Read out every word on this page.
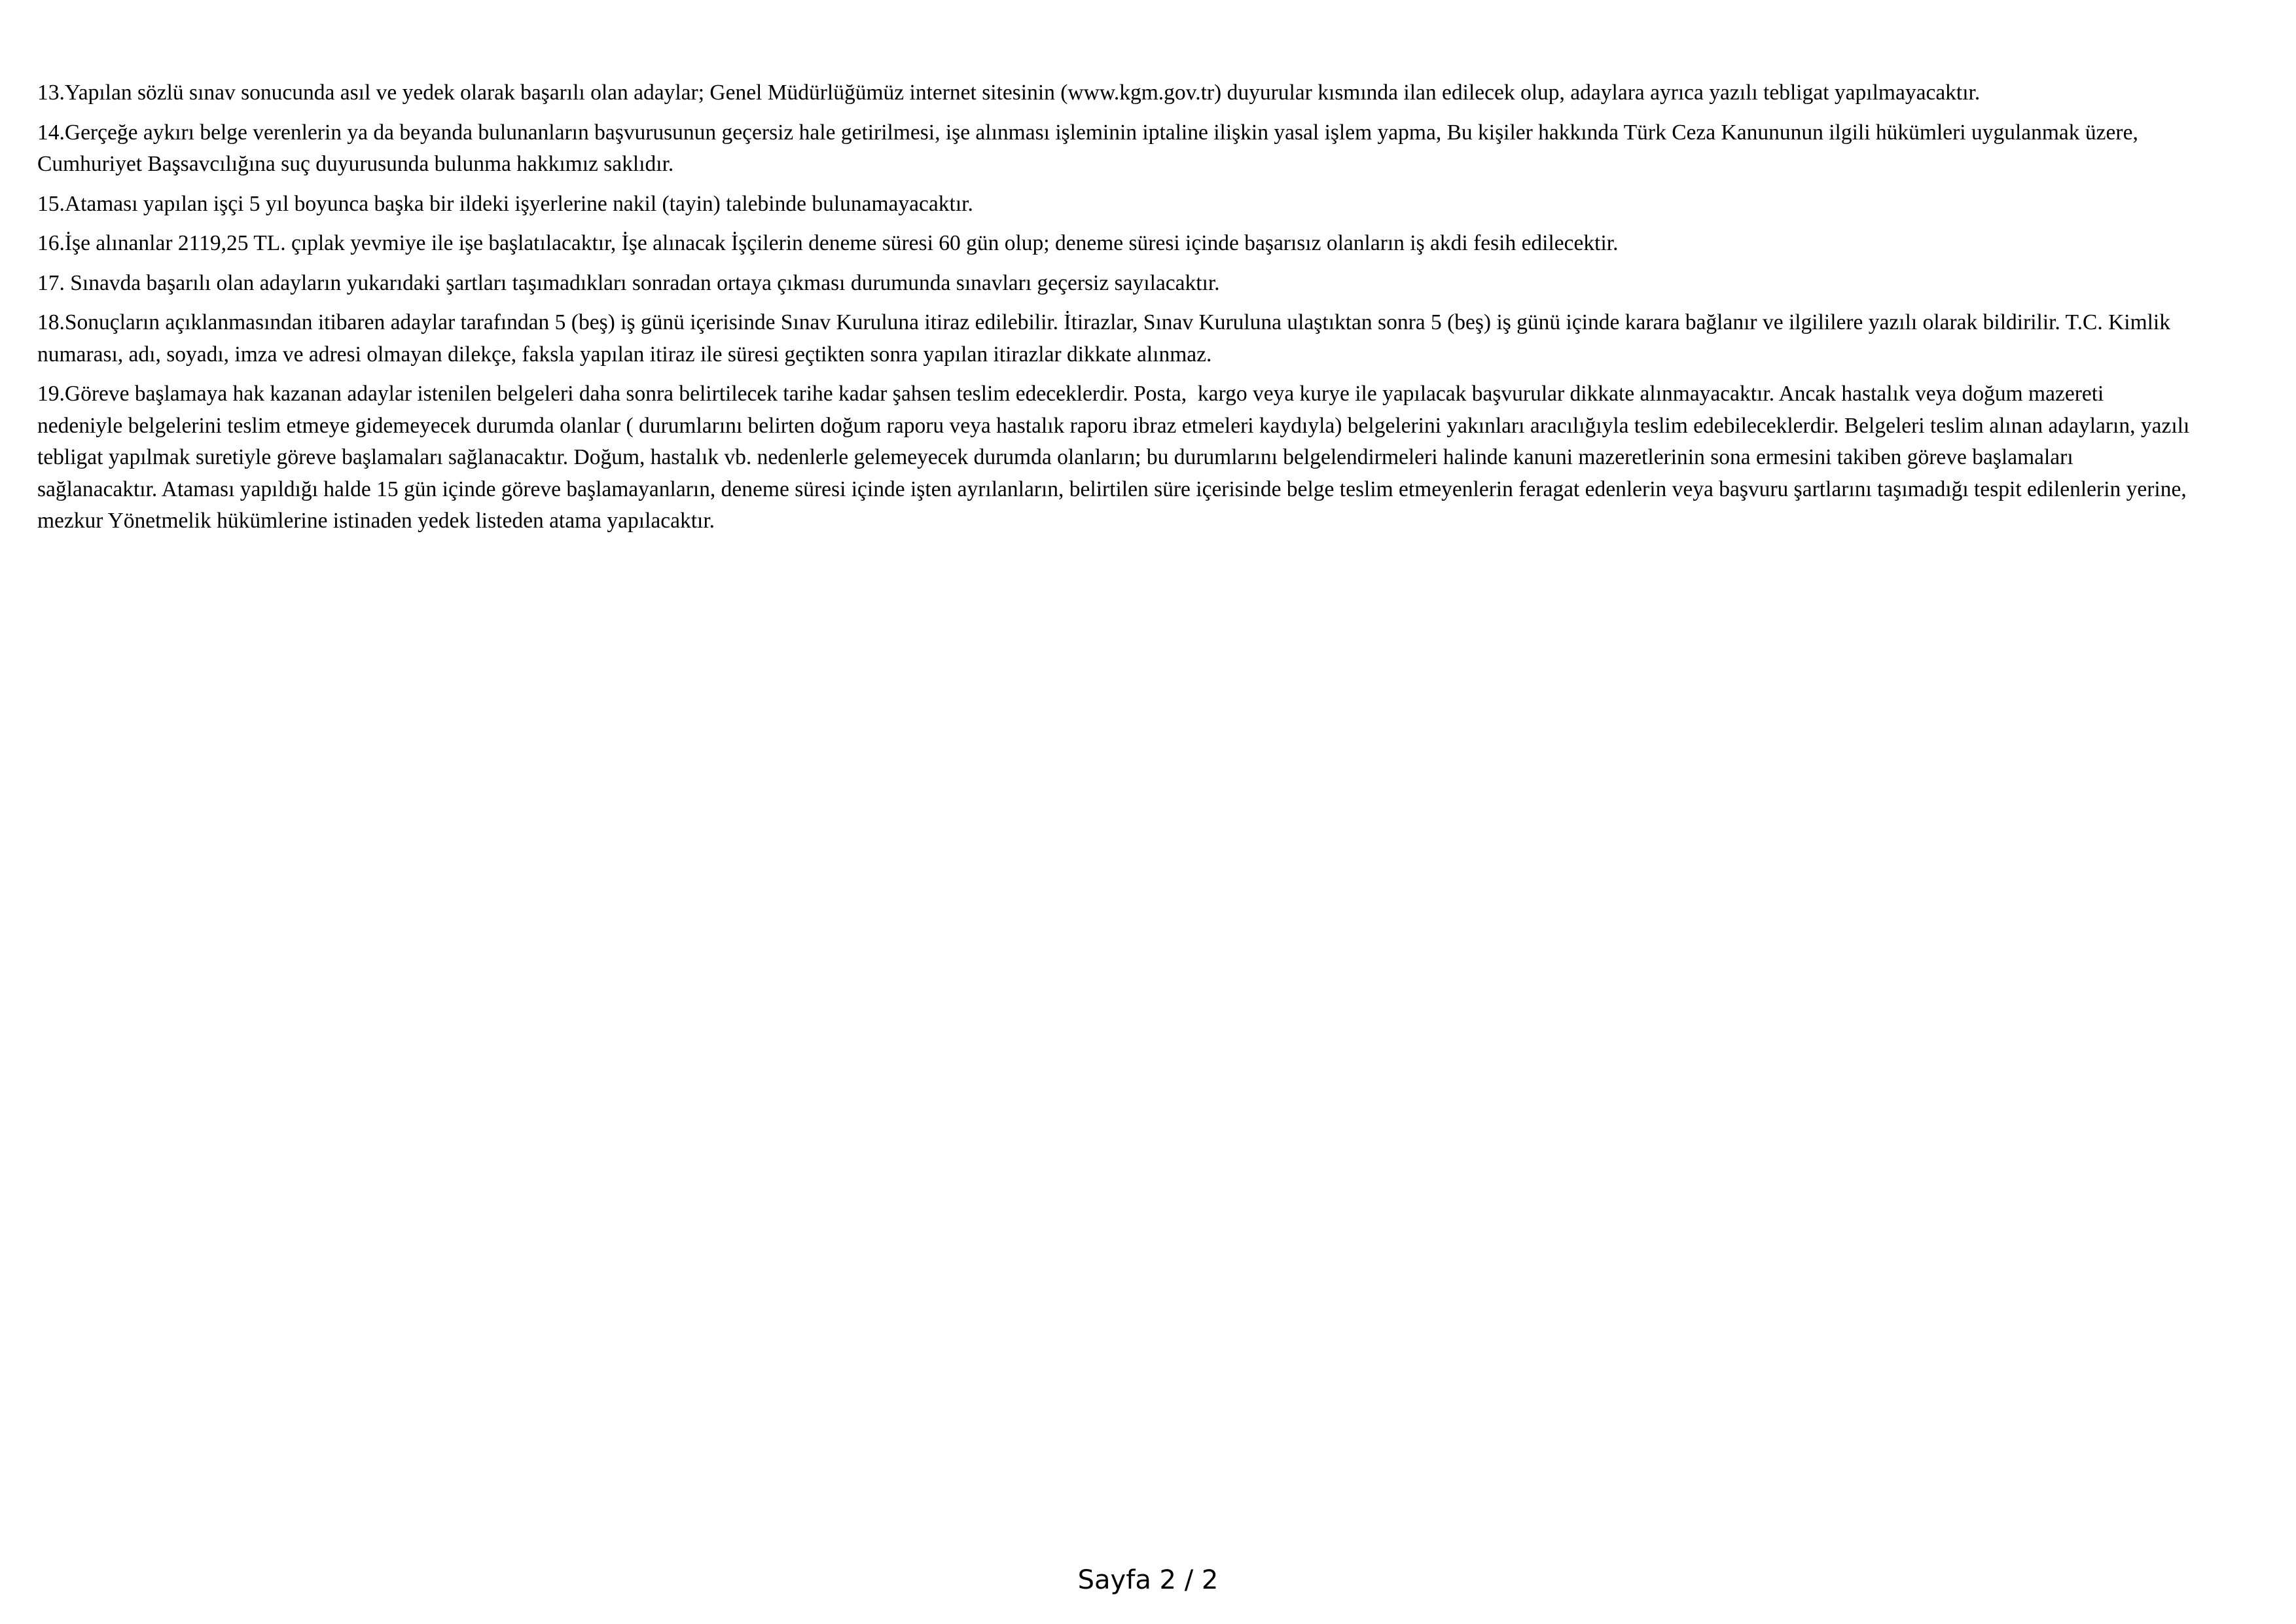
13.Yapılan sözlü sınav sonucunda asıl ve yedek olarak başarılı olan adaylar; Genel Müdürlüğümüz internet sitesinin (www.kgm.gov.tr) duyurular kısmında ilan edilecek olup, adaylara ayrıca yazılı tebligat yapılmayacaktır.

14.Gerçeğe aykırı belge verenlerin ya da beyanda bulunanların başvurusunun geçersiz hale getirilmesi, işe alınması işleminin iptaline ilişkin yasal işlem yapma, Bu kişiler hakkında Türk Ceza Kanununun ilgili hükümleri uygulanmak üzere, Cumhuriyet Başsavcılığına suç duyurusunda bulunma hakkımız saklıdır.

15.Ataması yapılan işçi 5 yıl boyunca başka bir ildeki işyerlerine nakil (tayin) talebinde bulunamayacaktır.

16.İşe alınanlar 2119,25 TL. çıplak yevmiye ile işe başlatılacaktır, İşe alınacak İşçilerin deneme süresi 60 gün olup; deneme süresi içinde başarısız olanların iş akdi fesih edilecektir.

17. Sınavda başarılı olan adayların yukarıdaki şartları taşımadıkları sonradan ortaya çıkması durumunda sınavları geçersiz sayılacaktır.

18.Sonuçların açıklanmasından itibaren adaylar tarafından 5 (beş) iş günü içerisinde Sınav Kuruluna itiraz edilebilir. İtirazlar, Sınav Kuruluna ulaştıktan sonra 5 (beş) iş günü içinde karara bağlanır ve ilgililere yazılı olarak bildirilir. T.C. Kimlik numarası, adı, soyadı, imza ve adresi olmayan dilekçe, faksla yapılan itiraz ile süresi geçtikten sonra yapılan itirazlar dikkate alınmaz.

19.Göreve başlamaya hak kazanan adaylar istenilen belgeleri daha sonra belirtilecek tarihe kadar şahsen teslim edeceklerdir. Posta,  kargo veya kurye ile yapılacak başvurular dikkate alınmayacaktır. Ancak hastalık veya doğum mazereti nedeniyle belgelerini teslim etmeye gidemeyecek durumda olanlar ( durumlarını belirten doğum raporu veya hastalık raporu ibraz etmeleri kaydıyla) belgelerini yakınları aracılığıyla teslim edebileceklerdir. Belgeleri teslim alınan adayların, yazılı tebligat yapılmak suretiyle göreve başlamaları sağlanacaktır. Doğum, hastalık vb. nedenlerle gelemeyecek durumda olanların; bu durumlarını belgelendirmeleri halinde kanuni mazeretlerinin sona ermesini takiben göreve başlamaları sağlanacaktır. Ataması yapıldığı halde 15 gün içinde göreve başlamayanların, deneme süresi içinde işten ayrılanların, belirtilen süre içerisinde belge teslim etmeyenlerin feragat edenlerin veya başvuru şartlarını taşımadığı tespit edilenlerin yerine, mezkur Yönetmelik hükümlerine istinaden yedek listeden atama yapılacaktır.

Sayfa 2 / 2
